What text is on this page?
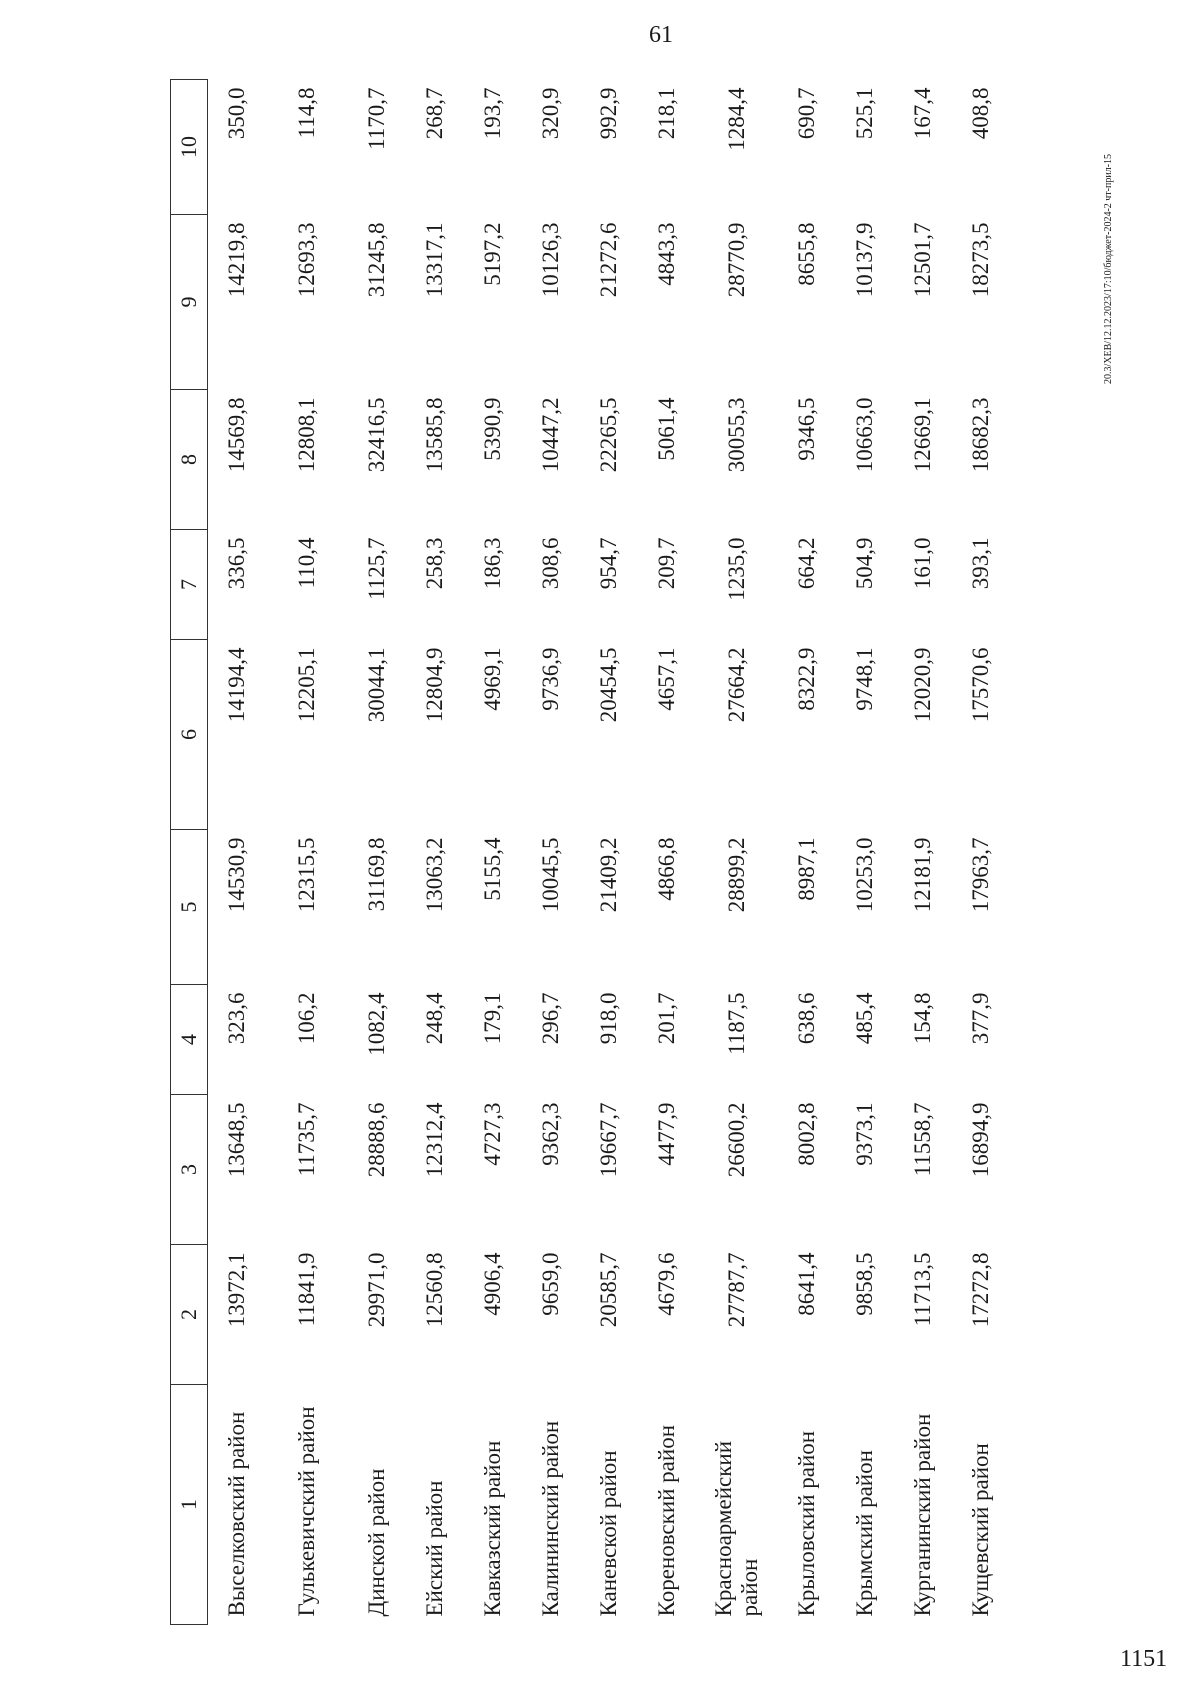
61
1	2	3	4	5	6	7	8	9	10
Выселковский район	13972,1	13648,5	323,6	14530,9	14194,4	336,5	14569,8	14219,8	350,0
Гулькевичский район	11841,9	11735,7	106,2	12315,5	12205,1	110,4	12808,1	12693,3	114,8
Динской район	29971,0	28888,6	1082,4	31169,8	30044,1	1125,7	32416,5	31245,8	1170,7
Ейский район	12560,8	12312,4	248,4	13063,2	12804,9	258,3	13585,8	13317,1	268,7
Кавказский район	4906,4	4727,3	179,1	5155,4	4969,1	186,3	5390,9	5197,2	193,7
Калининский район	9659,0	9362,3	296,7	10045,5	9736,9	308,6	10447,2	10126,3	320,9
Каневской район	20585,7	19667,7	918,0	21409,2	20454,5	954,7	22265,5	21272,6	992,9
Кореновский район	4679,6	4477,9	201,7	4866,8	4657,1	209,7	5061,4	4843,3	218,1
Красноармейский район	27787,7	26600,2	1187,5	28899,2	27664,2	1235,0	30055,3	28770,9	1284,4
Крыловский район	8641,4	8002,8	638,6	8987,1	8322,9	664,2	9346,5	8655,8	690,7
Крымский район	9858,5	9373,1	485,4	10253,0	9748,1	504,9	10663,0	10137,9	525,1
Курганинский район	11713,5	11558,7	154,8	12181,9	12020,9	161,0	12669,1	12501,7	167,4
Кущевский район	17272,8	16894,9	377,9	17963,7	17570,6	393,1	18682,3	18273,5	408,8
20.3/XEB/12.12.2023/17:10/бюджет-2024-2 чт-прил-15
1151
